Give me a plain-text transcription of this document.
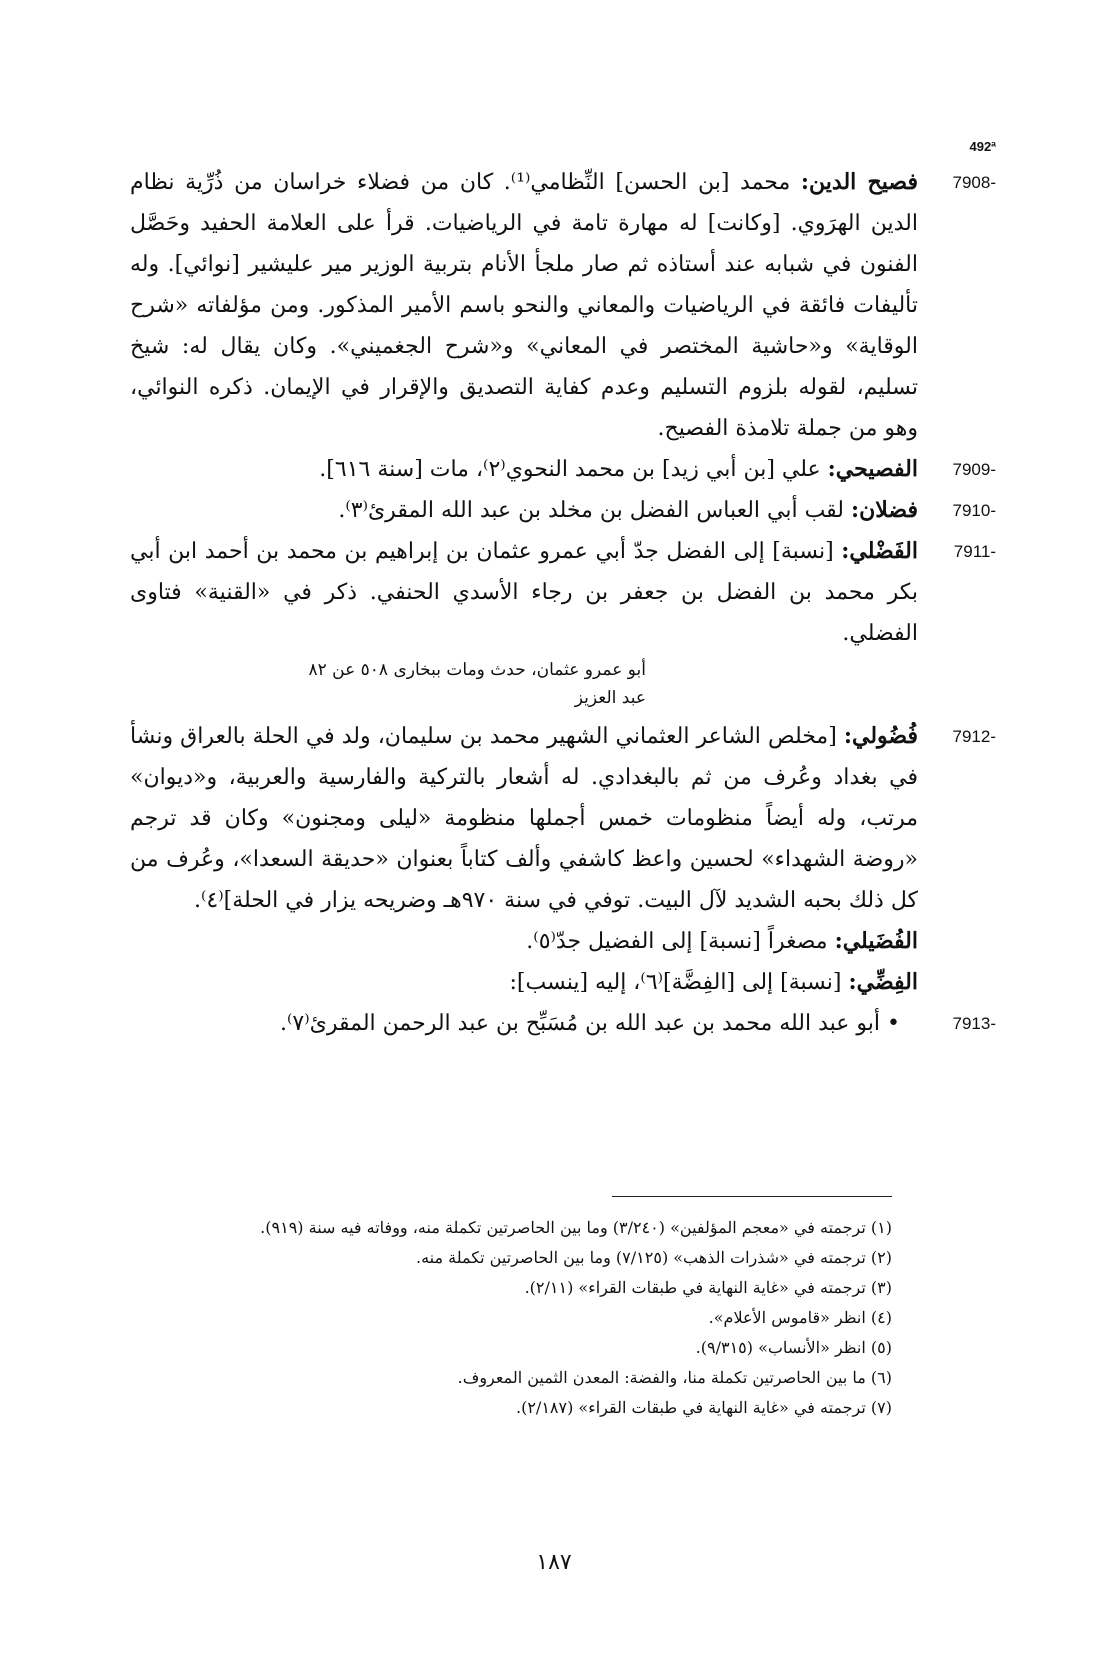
492ª

7908-
فصيح الدين: محمد [بن الحسن] النِّظامي⁽¹⁾. كان من فضلاء خراسان من ذُرِّية نظام الدين الهرَوي. [وكانت] له مهارة تامة في الرياضيات. قرأ على العلامة الحفيد وحَصَّل الفنون في شبابه عند أستاذه ثم صار ملجأ الأنام بتربية الوزير مير عليشير [نوائي]. وله تأليفات فائقة في الرياضيات والمعاني والنحو باسم الأمير المذكور. ومن مؤلفاته «شرح الوقاية» و«حاشية المختصر في المعاني» و«شرح الجغميني». وكان يقال له: شيخ تسليم، لقوله بلزوم التسليم وعدم كفاية التصديق والإقرار في الإيمان. ذكره النوائي، وهو من جملة تلامذة الفصيح.

7909-
الفصيحي: علي [بن أبي زيد] بن محمد النحوي⁽٢⁾، مات [سنة ٦١٦].

7910-
فضلان: لقب أبي العباس الفضل بن مخلد بن عبد الله المقرئ⁽٣⁾.

7911-
الفَضْلي: [نسبة] إلى الفضل جدّ أبي عمرو عثمان بن إبراهيم بن محمد بن أحمد ابن أبي بكر محمد بن الفضل بن جعفر بن رجاء الأسدي الحنفي. ذكر في «القنية» فتاوى الفضلي.

أبو عمرو عثمان، حدث ومات ببخارى ٥٠٨ عن ٨٢
عبد العزيز

7912-
فُضُولي: [مخلص الشاعر العثماني الشهير محمد بن سليمان، ولد في الحلة بالعراق ونشأ في بغداد وعُرف من ثم بالبغدادي. له أشعار بالتركية والفارسية والعربية، و«ديوان» مرتب، وله أيضاً منظومات خمس أجملها منظومة «ليلى ومجنون» وكان قد ترجم «روضة الشهداء» لحسين واعظ كاشفي وألف كتاباً بعنوان «حديقة السعدا»، وعُرف من كل ذلك بحبه الشديد لآل البيت. توفي في سنة ٩٧٠هـ وضريحه يزار في الحلة]⁽٤⁾.

الفُضَيلي: مصغراً [نسبة] إلى الفضيل جدّ⁽٥⁾.

الفِضِّي: [نسبة] إلى [الفِضَّة]⁽٦⁾، إليه [ينسب]:

7913-
• أبو عبد الله محمد بن عبد الله بن مُسَبِّح بن عبد الرحمن المقرئ⁽٧⁾.

(١) ترجمته في «معجم المؤلفين» (٣/٢٤٠) وما بين الحاصرتين تكملة منه، ووفاته فيه سنة (٩١٩).

(٢) ترجمته في «شذرات الذهب» (٧/١٢٥) وما بين الحاصرتين تكملة منه.

(٣) ترجمته في «غاية النهاية في طبقات القراء» (٢/١١).

(٤) انظر «قاموس الأعلام».

(٥) انظر «الأنساب» (٩/٣١٥).

(٦) ما بين الحاصرتين تكملة منا، والفضة: المعدن الثمين المعروف.

(٧) ترجمته في «غاية النهاية في طبقات القراء» (٢/١٨٧).

١٨٧
